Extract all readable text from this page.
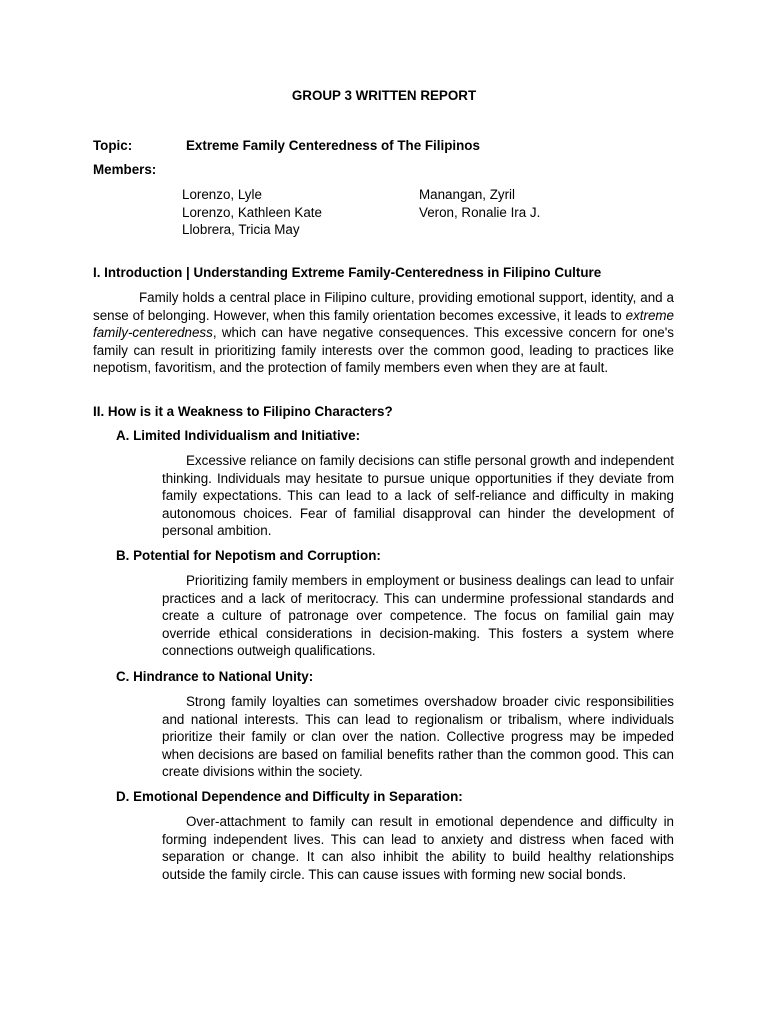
GROUP 3 WRITTEN REPORT
Topic:	Extreme Family Centeredness of The Filipinos
Members:
Lorenzo, Lyle
Lorenzo, Kathleen Kate
Llobrera, Tricia May
Manangan, Zyril
Veron, Ronalie Ira J.
I. Introduction | Understanding Extreme Family-Centeredness in Filipino Culture

Family holds a central place in Filipino culture, providing emotional support, identity, and a sense of belonging. However, when this family orientation becomes excessive, it leads to extreme family-centeredness, which can have negative consequences. This excessive concern for one's family can result in prioritizing family interests over the common good, leading to practices like nepotism, favoritism, and the protection of family members even when they are at fault.

II. How is it a Weakness to Filipino Characters?
A. Limited Individualism and Initiative:

Excessive reliance on family decisions can stifle personal growth and independent thinking. Individuals may hesitate to pursue unique opportunities if they deviate from family expectations. This can lead to a lack of self-reliance and difficulty in making autonomous choices. Fear of familial disapproval can hinder the development of personal ambition.

B. Potential for Nepotism and Corruption:

Prioritizing family members in employment or business dealings can lead to unfair practices and a lack of meritocracy. This can undermine professional standards and create a culture of patronage over competence. The focus on familial gain may override ethical considerations in decision-making. This fosters a system where connections outweigh qualifications.

C. Hindrance to National Unity:

Strong family loyalties can sometimes overshadow broader civic responsibilities and national interests. This can lead to regionalism or tribalism, where individuals prioritize their family or clan over the nation. Collective progress may be impeded when decisions are based on familial benefits rather than the common good. This can create divisions within the society.

D. Emotional Dependence and Difficulty in Separation:

Over-attachment to family can result in emotional dependence and difficulty in forming independent lives. This can lead to anxiety and distress when faced with separation or change. It can also inhibit the ability to build healthy relationships outside the family circle. This can cause issues with forming new social bonds.
